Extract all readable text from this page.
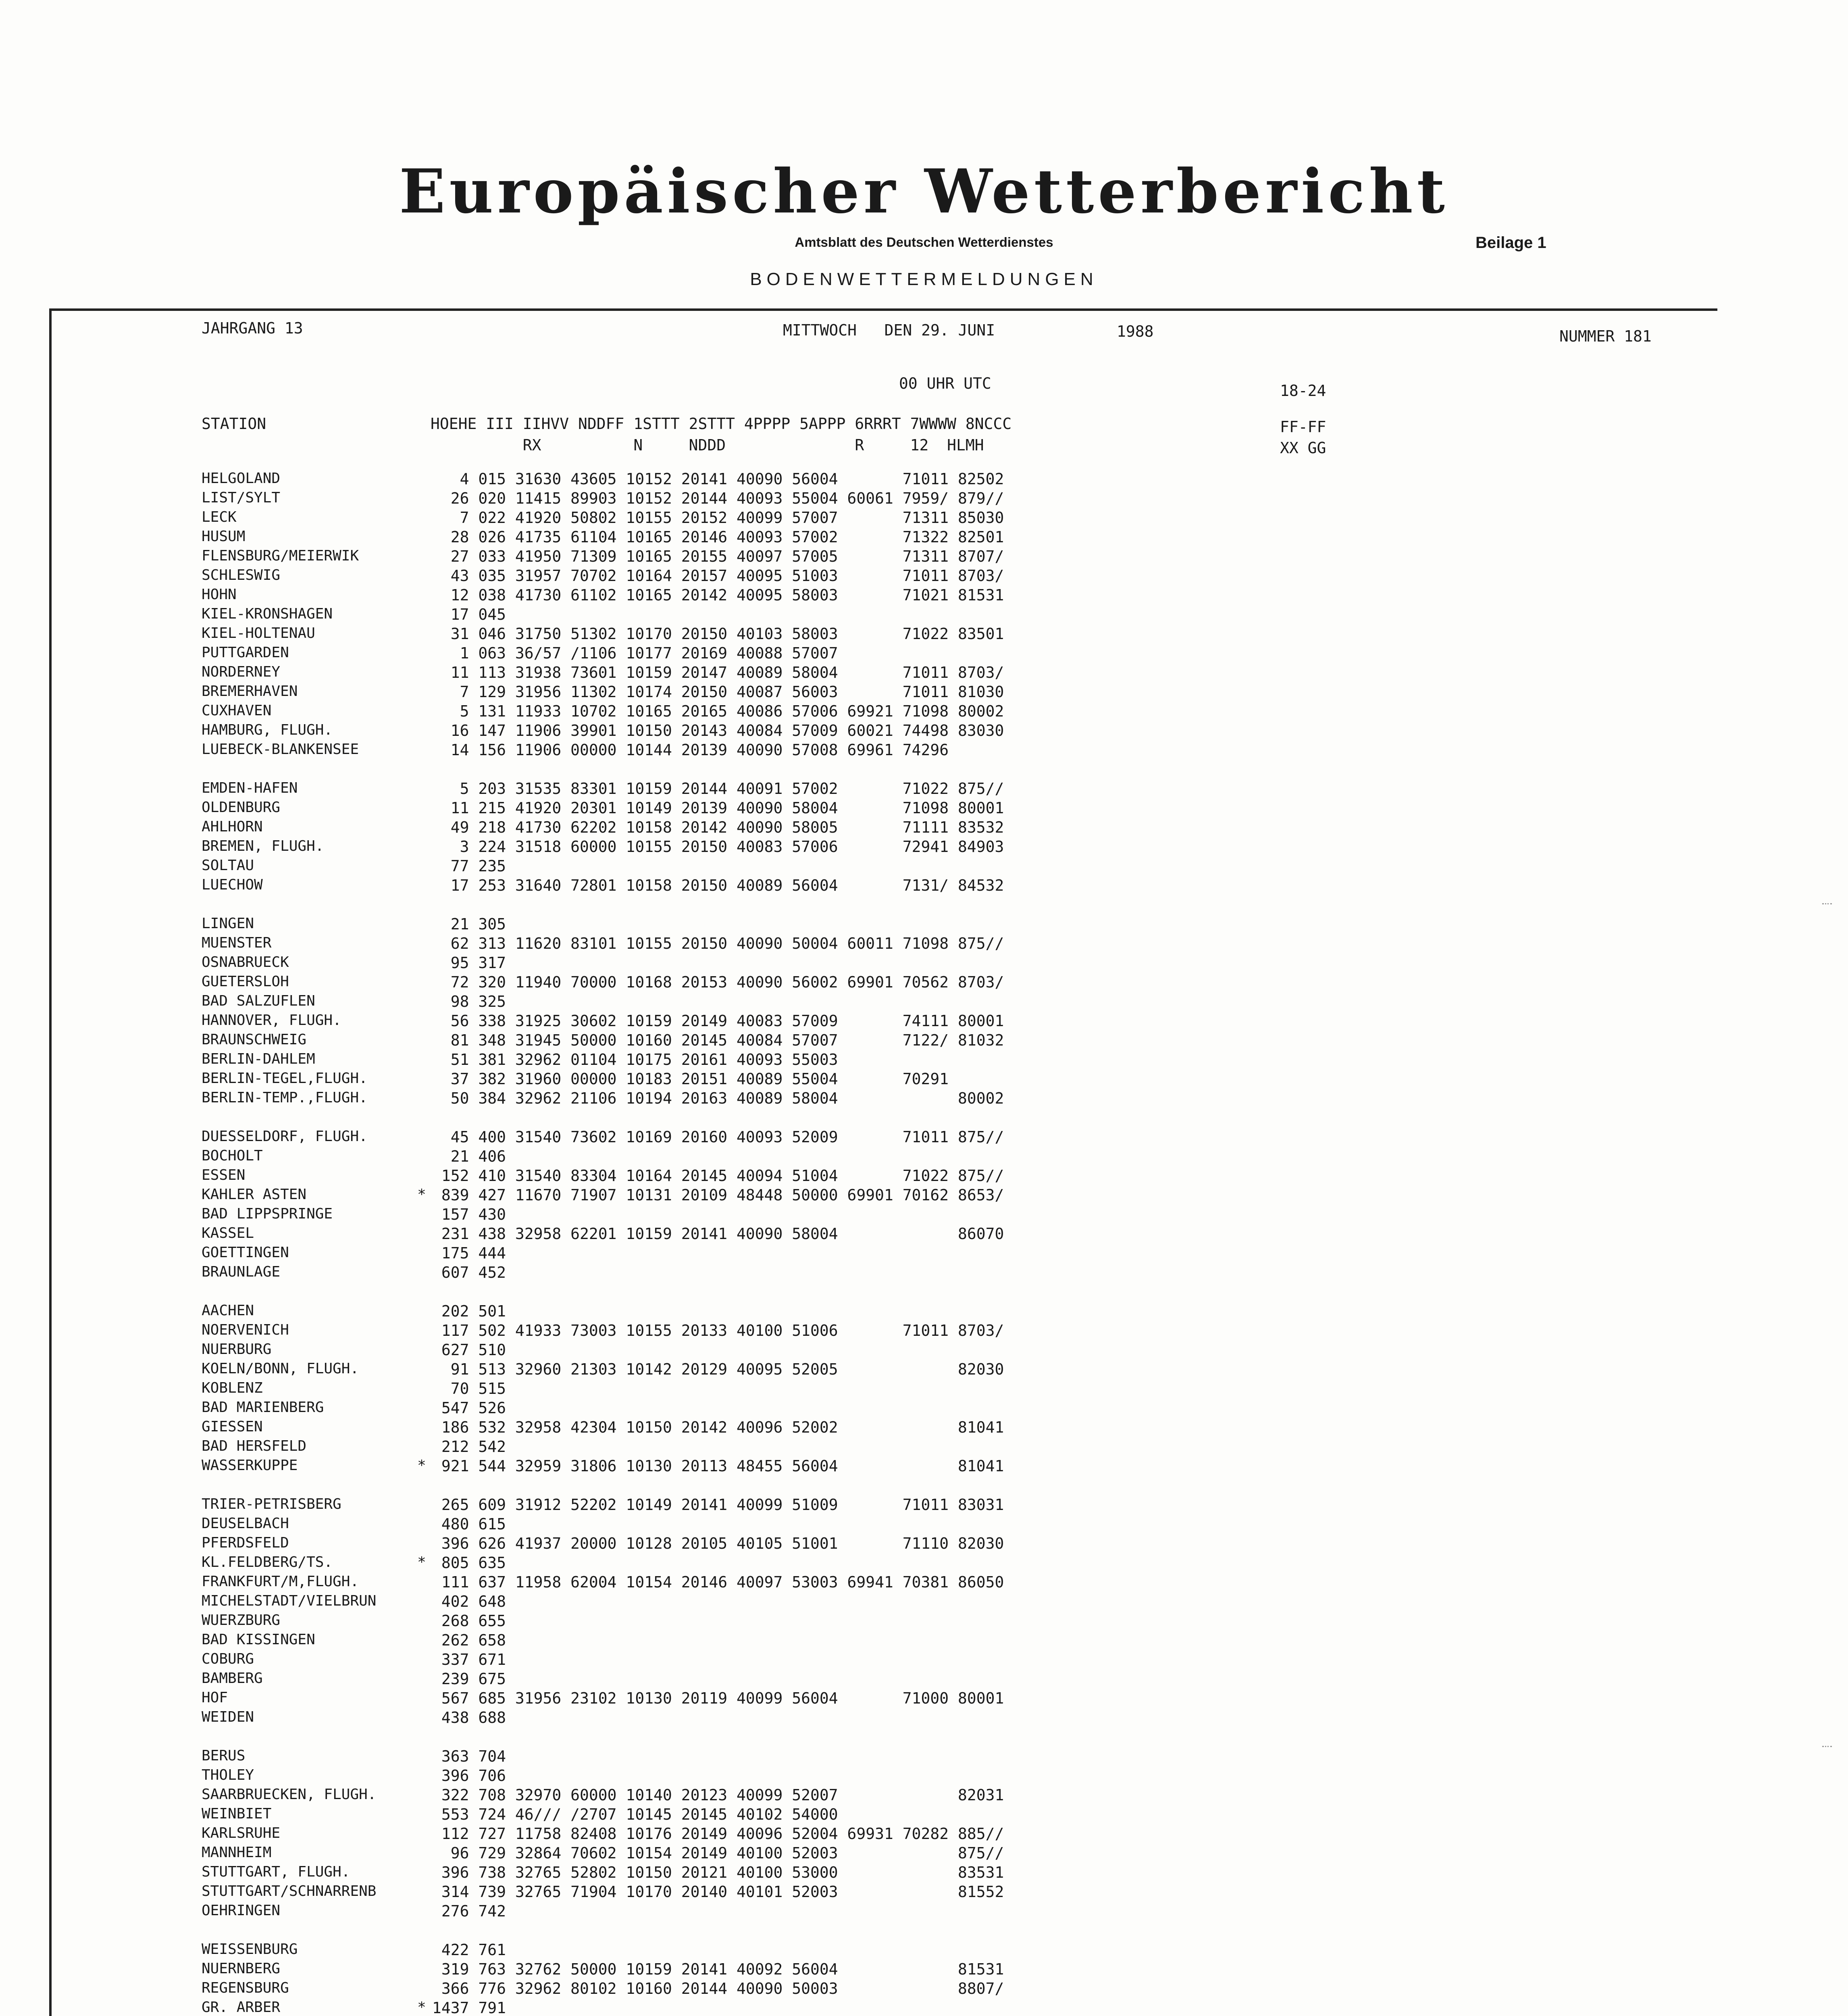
Europäischer Wetterbericht
Amtsblatt des Deutschen Wetterdienstes	Beilage 1
BODENWETTERMELDUNGEN
JAHRGANG 13	MITTWOCH   DEN 29. JUNI	1988	NUMMER 181
00 UHR UTC
STATION	HOEHE III IIHVV NDDFF 1STTT 2STTT 4PPPP 5APPP 6RRRT 7WWWW 8NCCC
RX          N     NDDD              R     12  HLMH
18-24
FF-FF
XX GG
HELGOLAND	4 015 31630 43605 10152 20141 40090 56004       71011 82502
LIST/SYLT	26 020 11415 89903 10152 20144 40093 55004 60061 7959/ 879//
LECK	7 022 41920 50802 10155 20152 40099 57007       71311 85030
HUSUM	28 026 41735 61104 10165 20146 40093 57002       71322 82501
FLENSBURG/MEIERWIK	27 033 41950 71309 10165 20155 40097 57005       71311 8707/
SCHLESWIG	43 035 31957 70702 10164 20157 40095 51003       71011 8703/
HOHN	12 038 41730 61102 10165 20142 40095 58003       71021 81531
KIEL-KRONSHAGEN	17 045
KIEL-HOLTENAU	31 046 31750 51302 10170 20150 40103 58003       71022 83501
PUTTGARDEN	1 063 36/57 /1106 10177 20169 40088 57007
NORDERNEY	11 113 31938 73601 10159 20147 40089 58004       71011 8703/
BREMERHAVEN	7 129 31956 11302 10174 20150 40087 56003       71011 81030
CUXHAVEN	5 131 11933 10702 10165 20165 40086 57006 69921 71098 80002
HAMBURG, FLUGH.	16 147 11906 39901 10150 20143 40084 57009 60021 74498 83030
LUEBECK-BLANKENSEE	14 156 11906 00000 10144 20139 40090 57008 69961 74296
EMDEN-HAFEN	5 203 31535 83301 10159 20144 40091 57002       71022 875//
OLDENBURG	11 215 41920 20301 10149 20139 40090 58004       71098 80001
AHLHORN	49 218 41730 62202 10158 20142 40090 58005       71111 83532
BREMEN, FLUGH.	3 224 31518 60000 10155 20150 40083 57006       72941 84903
SOLTAU	77 235
LUECHOW	17 253 31640 72801 10158 20150 40089 56004       7131/ 84532
LINGEN	21 305
MUENSTER	62 313 11620 83101 10155 20150 40090 50004 60011 71098 875//
OSNABRUECK	95 317
GUETERSLOH	72 320 11940 70000 10168 20153 40090 56002 69901 70562 8703/
BAD SALZUFLEN	98 325
HANNOVER, FLUGH.	56 338 31925 30602 10159 20149 40083 57009       74111 80001
BRAUNSCHWEIG	81 348 31945 50000 10160 20145 40084 57007       7122/ 81032
BERLIN-DAHLEM	51 381 32962 01104 10175 20161 40093 55003
BERLIN-TEGEL,FLUGH.	37 382 31960 00000 10183 20151 40089 55004       70291
BERLIN-TEMP.,FLUGH.	50 384 32962 21106 10194 20163 40089 58004             80002
DUESSELDORF, FLUGH.	45 400 31540 73602 10169 20160 40093 52009       71011 875//
BOCHOLT	21 406
ESSEN	152 410 31540 83304 10164 20145 40094 51004       71022 875//
KAHLER ASTEN	* 839 427 11670 71907 10131 20109 48448 50000 69901 70162 8653/
BAD LIPPSPRINGE	157 430
KASSEL	231 438 32958 62201 10159 20141 40090 58004             86070
GOETTINGEN	175 444
BRAUNLAGE	607 452
AACHEN	202 501
NOERVENICH	117 502 41933 73003 10155 20133 40100 51006       71011 8703/
NUERBURG	627 510
KOELN/BONN, FLUGH.	91 513 32960 21303 10142 20129 40095 52005             82030
KOBLENZ	70 515
BAD MARIENBERG	547 526
GIESSEN	186 532 32958 42304 10150 20142 40096 52002             81041
BAD HERSFELD	212 542
WASSERKUPPE	* 921 544 32959 31806 10130 20113 48455 56004             81041
TRIER-PETRISBERG	265 609 31912 52202 10149 20141 40099 51009       71011 83031
DEUSELBACH	480 615
PFERDSFELD	396 626 41937 20000 10128 20105 40105 51001       71110 82030
KL.FELDBERG/TS.	* 805 635
FRANKFURT/M,FLUGH.	111 637 11958 62004 10154 20146 40097 53003 69941 70381 86050
MICHELSTADT/VIELBRUN	402 648
WUERZBURG	268 655
BAD KISSINGEN	262 658
COBURG	337 671
BAMBERG	239 675
HOF	567 685 31956 23102 10130 20119 40099 56004       71000 80001
WEIDEN	438 688
BERUS	363 704
THOLEY	396 706
SAARBRUECKEN, FLUGH.	322 708 32970 60000 10140 20123 40099 52007             82031
WEINBIET	553 724 46/// /2707 10145 20145 40102 54000
KARLSRUHE	112 727 11758 82408 10176 20149 40096 52004 69931 70282 885//
MANNHEIM	96 729 32864 70602 10154 20149 40100 52003             875//
STUTTGART, FLUGH.	396 738 32765 52802 10150 20121 40100 53000             83531
STUTTGART/SCHNARRENB	314 739 32765 71904 10170 20140 40101 52003             81552
OEHRINGEN	276 742
WEISSENBURG	422 761
NUERNBERG	319 763 32762 50000 10159 20141 40092 56004             81531
REGENSBURG	366 776 32962 80102 10160 20144 40090 50003             8807/
GR. ARBER	* 1437 791
